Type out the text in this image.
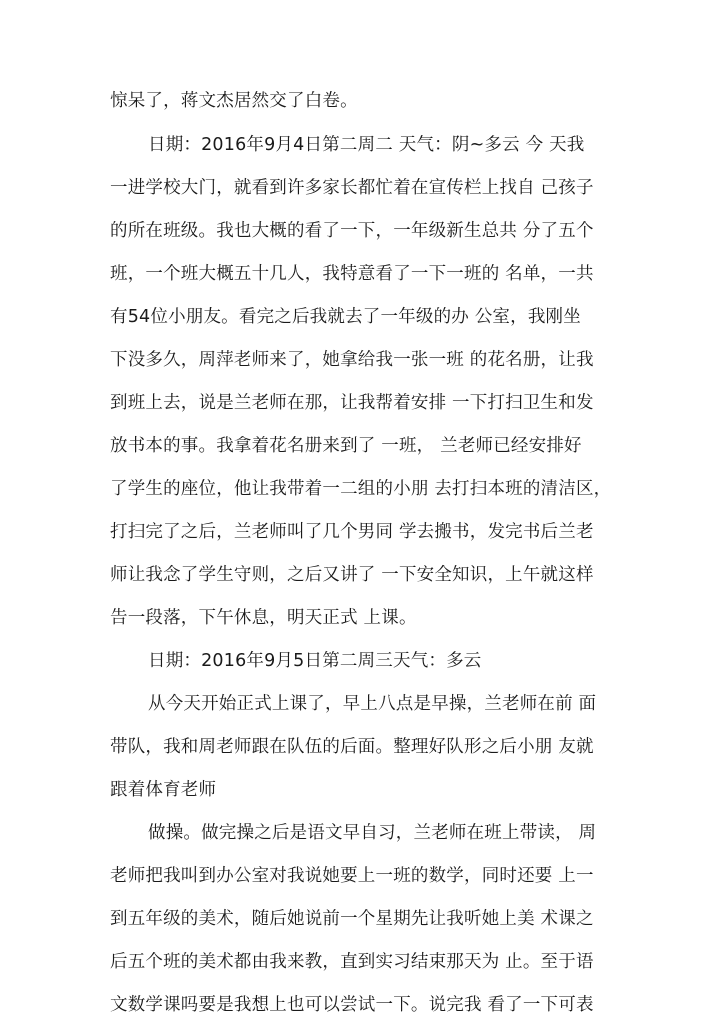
惊呆了，蒋文杰居然交了白卷。
日期：2016年9月4日第二周二 天气：阴~多云 今 天我
一进学校大门，就看到许多家长都忙着在宣传栏上找自 己孩子
的所在班级。我也大概的看了一下，一年级新生总共 分了五个
班，一个班大概五十几人，我特意看了一下一班的 名单，一共
有54位小朋友。看完之后我就去了一年级的办 公室，我刚坐
下没多久，周萍老师来了，她拿给我一张一班 的花名册，让我
到班上去，说是兰老师在那，让我帮着安排 一下打扫卫生和发
放书本的事。我拿着花名册来到了 一班， 兰老师已经安排好
了学生的座位，他让我带着一二组的小朋 去打扫本班的清洁区，
打扫完了之后，兰老师叫了几个男同 学去搬书，发完书后兰老
师让我念了学生守则，之后又讲了 一下安全知识，上午就这样
告一段落，下午休息，明天正式 上课。
日期：2016年9月5日第二周三天气：多云
从今天开始正式上课了，早上八点是早操，兰老师在前 面
带队，我和周老师跟在队伍的后面。整理好队形之后小朋 友就
跟着体育老师
做操。做完操之后是语文早自习，兰老师在班上带读， 周
老师把我叫到办公室对我说她要上一班的数学，同时还要 上一
到五年级的美术，随后她说前一个星期先让我听她上美 术课之
后五个班的美术都由我来教，直到实习结束那天为 止。至于语
文数学课吗要是我想上也可以尝试一下。说完我 看了一下可表
